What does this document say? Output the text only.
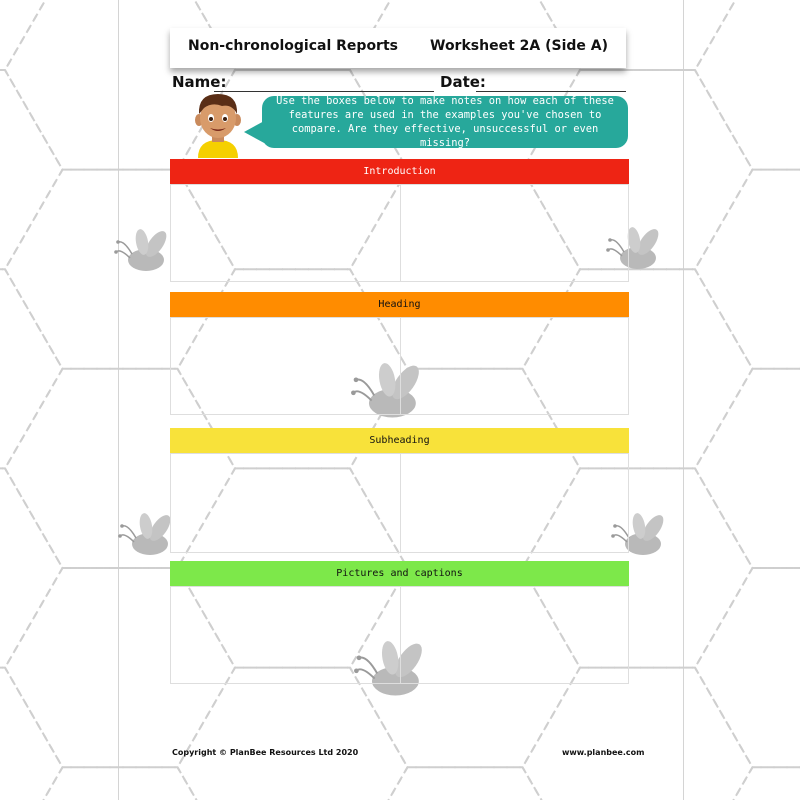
Non-chronological Reports Worksheet 2A (Side A)
Name:	Date:
Use the boxes below to make notes on how each of these features are used in the examples you've chosen to compare. Are they effective, unsuccessful or even missing?
Introduction
Heading
Subheading
Pictures and captions
Copyright © PlanBee Resources Ltd 2020	www.planbee.com
